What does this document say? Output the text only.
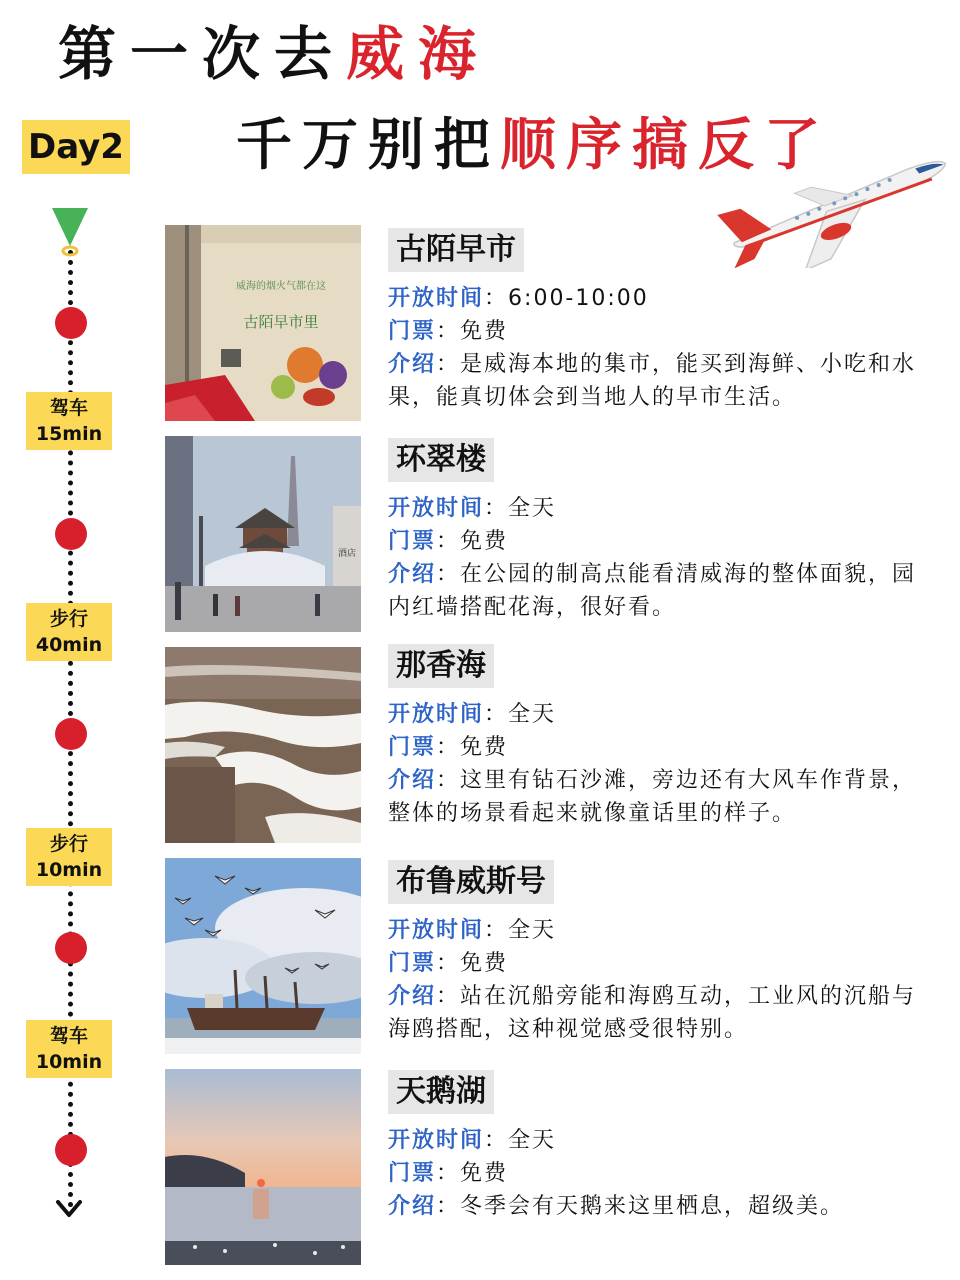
第一次去威海
Day2 千万别把顺序搞反了
驾车
15min
步行
40min
步行
10min
驾车
10min
古陌早市里
威海的烟火气都在这
酒店
古陌早市
开放时间：6:00-10:00
门票：免费
介绍：是威海本地的集市，能买到海鲜、小吃和水果，能真切体会到当地人的早市生活。
环翠楼
开放时间：全天
门票：免费
介绍：在公园的制高点能看清威海的整体面貌，园内红墙搭配花海，很好看。
那香海
开放时间：全天
门票：免费
介绍：这里有钻石沙滩，旁边还有大风车作背景，整体的场景看起来就像童话里的样子。
布鲁威斯号
开放时间：全天
门票：免费
介绍：站在沉船旁能和海鸥互动，工业风的沉船与海鸥搭配，这种视觉感受很特别。
天鹅湖
开放时间：全天
门票：免费
介绍：冬季会有天鹅来这里栖息，超级美。
